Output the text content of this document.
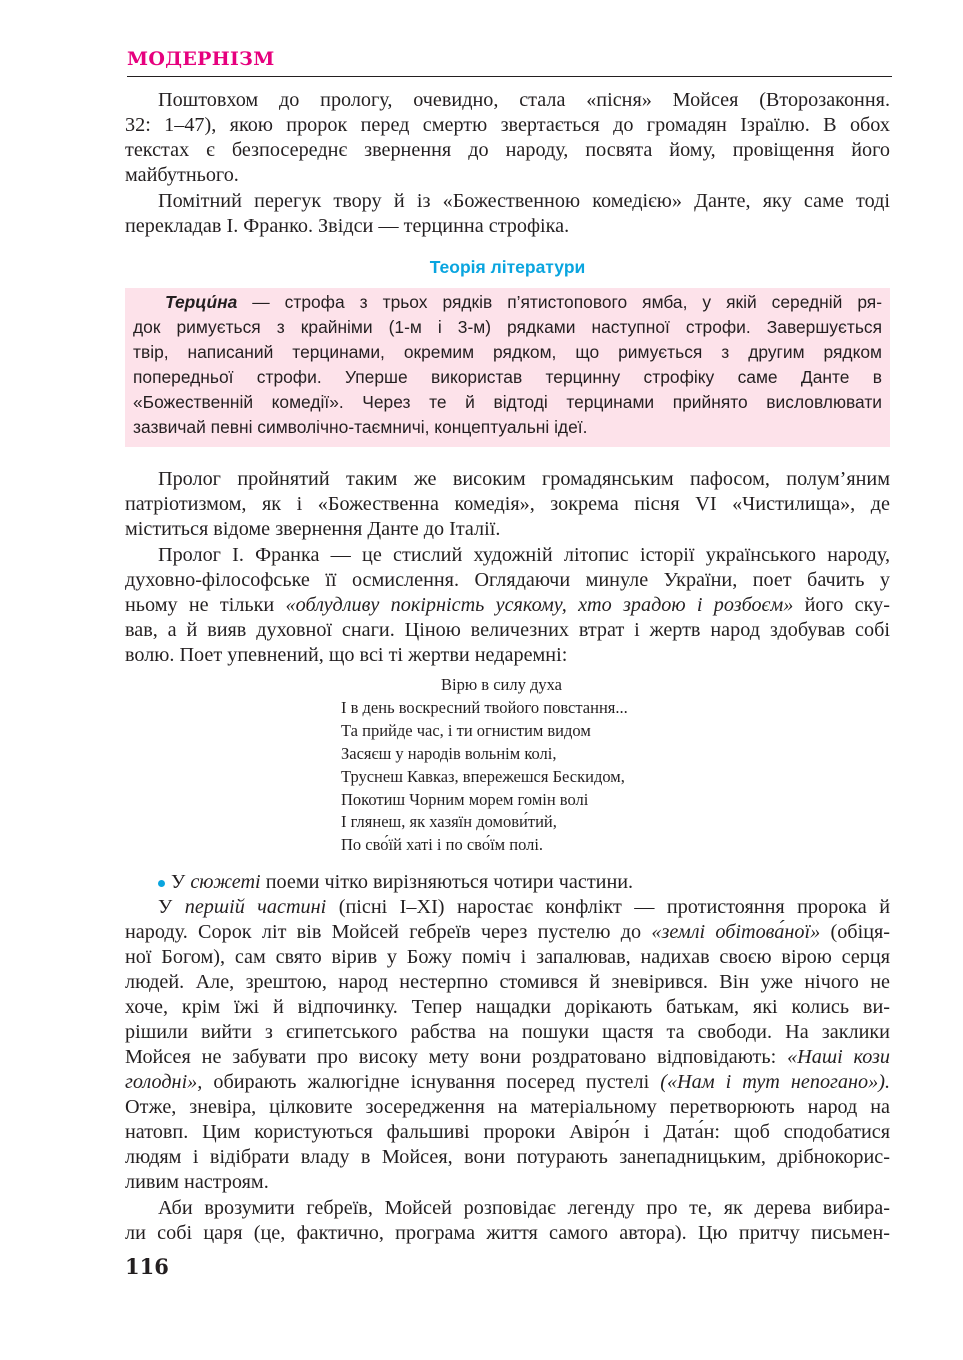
МОДЕРНІЗМ
Поштовхом до прологу, очевидно, стала «пісня» Мойсея (Второзаконня.
32: 1–47), якою пророк перед смертю звертається до громадян Ізраїлю. В обох
текстах є безпосереднє звернення до народу, посвята йому, провіщення його
майбутнього.
Помітний перегук твору й із «Божественною комедією» Данте, яку саме тоді
перекладав І. Франко. Звідси — терцинна строфіка.
Теорія літератури
Терци́на — строфа з трьох рядків п’ятистопового ямба, у якій середній ря-
док римується з крайніми (1-м і 3-м) рядками наступної строфи. Завершується
твір, написаний терцинами, окремим рядком, що римується з другим рядком
попередньої строфи. Уперше використав терцинну строфіку саме Данте в
«Божественній комедії». Через те й відтоді терцинами прийнято висловлювати
зазвичай певні символічно-таємничі, концептуальні ідеї.
Пролог пройнятий таким же високим громадянським пафосом, полум’яним
патріотизмом, як і «Божественна комедія», зокрема пісня VI «Чистилища», де
міститься відоме звернення Данте до Італії.
Пролог І. Франка — це стислий художній літопис історії українського народу,
духовно-філософське її осмислення. Оглядаючи минуле України, поет бачить у
ньому не тільки «облудливу покірність усякому, хто зрадою і розбоєм» його ску-
вав, а й вияв духовної снаги. Ціною величезних втрат і жертв народ здобував собі
волю. Поет упевнений, що всі ті жертви недаремні:
Вірю в силу духа
І в день воскресний твойого повстання...
Та прийде час, і ти огнистим видом
Засяєш у народів вольнім колі,
Труснеш Кавказ, впережешся Бескидом,
Покотиш Чорним морем гомін волі
І глянеш, як хазяїн домови́тий,
По сво́їй хаті і по сво́їм полі.
У сюжеті поеми чітко вирізняються чотири частини.
У першій частині (пісні І–ХІ) наростає конфлікт — протистояння пророка й
народу. Сорок літ вів Мойсей гебреїв через пустелю до «землі обітова́ної» (обіця-
ної Богом), сам свято вірив у Божу поміч і запалював, надихав своєю вірою серця
людей. Але, зрештою, народ нестерпно стомився й зневірився. Він уже нічого не
хоче, крім їжі й відпочинку. Тепер нащадки дорікають батькам, які колись ви-
рішили вийти з єгипетського рабства на пошуки щастя та свободи. На заклики
Мойсея не забувати про високу мету вони роздратовано відповідають: «Наші кози
голодні», обирають жалюгідне існування посеред пустелі («Нам і тут непогано»).
Отже, зневіра, цілковите зосередження на матеріальному перетворюють народ на
натовп. Цим користуються фальшиві пророки Авіро́н і Дата́н: щоб сподобатися
людям і відібрати владу в Мойсея, вони потурають занепадницьким, дрібнокорис-
ливим настроям.
Аби врозумити гебреїв, Мойсей розповідає легенду про те, як дерева вибира-
ли собі царя (це, фактично, програма життя самого автора). Цю притчу письмен-
116
